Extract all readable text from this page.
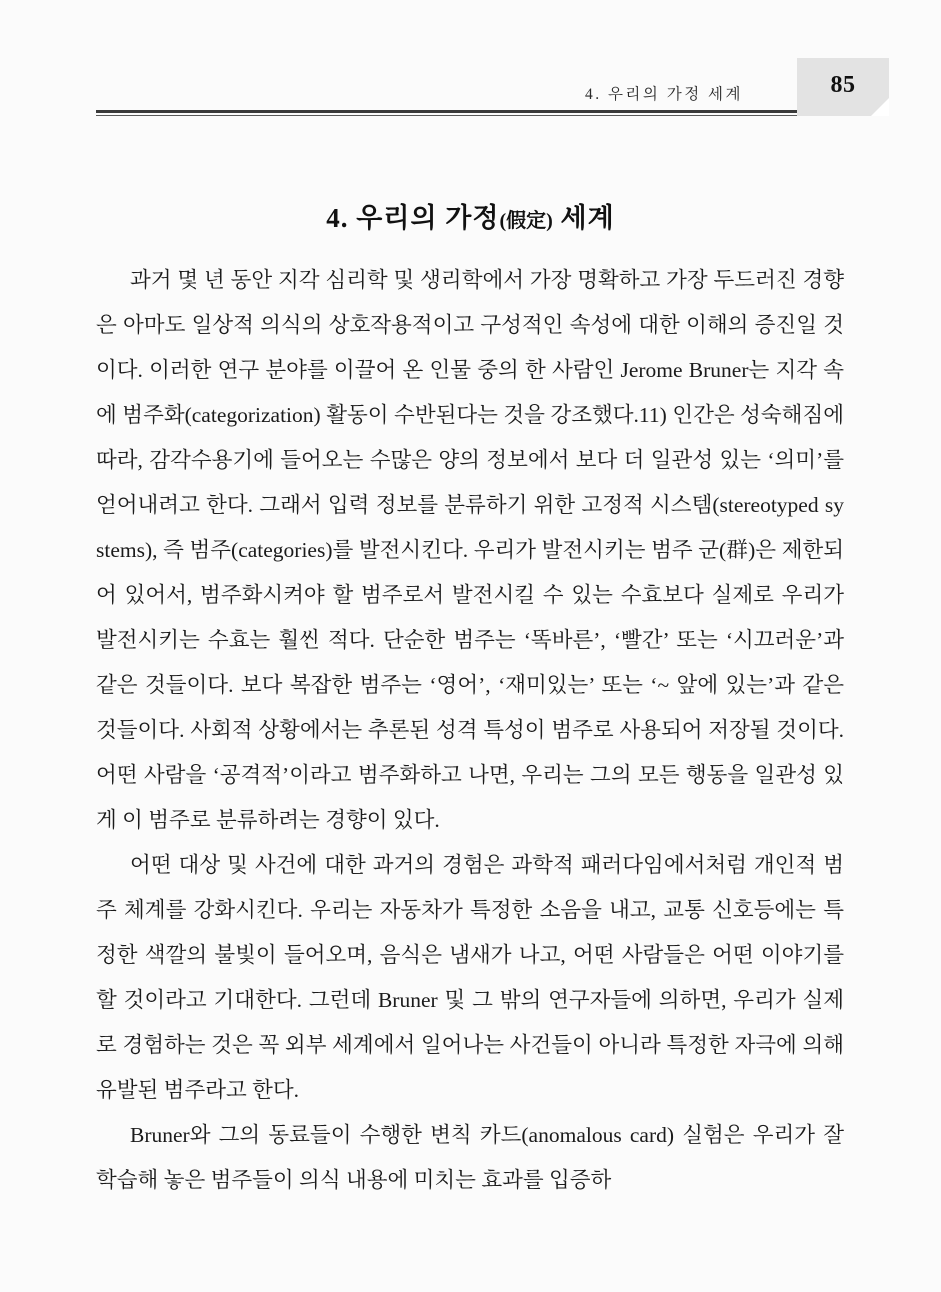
4. 우리의 가정 세계	85
4. 우리의 가정(假定) 세계

과거 몇 년 동안 지각 심리학 및 생리학에서 가장 명확하고 가장 두드러진 경향은 아마도 일상적 의식의 상호작용적이고 구성적인 속성에 대한 이해의 증진일 것이다. 이러한 연구 분야를 이끌어 온 인물 중의 한 사람인 Jerome Bruner는 지각 속에 범주화(categorization) 활동이 수반된다는 것을 강조했다.11) 인간은 성숙해짐에 따라, 감각수용기에 들어오는 수많은 양의 정보에서 보다 더 일관성 있는 ‘의미’를 얻어내려고 한다. 그래서 입력 정보를 분류하기 위한 고정적 시스템(stereotyped systems), 즉 범주(categories)를 발전시킨다. 우리가 발전시키는 범주 군(群)은 제한되어 있어서, 범주화시켜야 할 범주로서 발전시킬 수 있는 수효보다 실제로 우리가 발전시키는 수효는 훨씬 적다. 단순한 범주는 ‘똑바른’, ‘빨간’ 또는 ‘시끄러운’과 같은 것들이다. 보다 복잡한 범주는 ‘영어’, ‘재미있는’ 또는 ‘~ 앞에 있는’과 같은 것들이다. 사회적 상황에서는 추론된 성격 특성이 범주로 사용되어 저장될 것이다. 어떤 사람을 ‘공격적’이라고 범주화하고 나면, 우리는 그의 모든 행동을 일관성 있게 이 범주로 분류하려는 경향이 있다.

어떤 대상 및 사건에 대한 과거의 경험은 과학적 패러다임에서처럼 개인적 범주 체계를 강화시킨다. 우리는 자동차가 특정한 소음을 내고, 교통 신호등에는 특정한 색깔의 불빛이 들어오며, 음식은 냄새가 나고, 어떤 사람들은 어떤 이야기를 할 것이라고 기대한다. 그런데 Bruner 및 그 밖의 연구자들에 의하면, 우리가 실제로 경험하는 것은 꼭 외부 세계에서 일어나는 사건들이 아니라 특정한 자극에 의해 유발된 범주라고 한다.

Bruner와 그의 동료들이 수행한 변칙 카드(anomalous card) 실험은 우리가 잘 학습해 놓은 범주들이 의식 내용에 미치는 효과를 입증하
